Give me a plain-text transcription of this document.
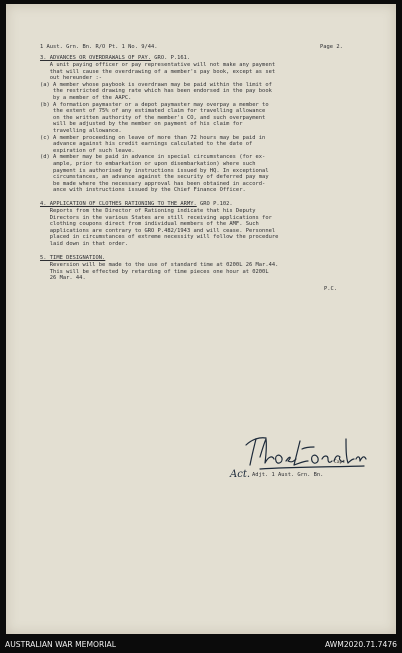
1 Aust. Grn. Bn. R/O Pt. 1 No. 9/44.	Page 2.
3. ADVANCES OR OVERDRAWALS OF PAY. GRO. P.161.
A unit paying officer or pay representative will not make any payment
that will cause the overdrawing of a member's pay book, except as set
out hereunder :-
(a) A member whose paybook is overdrawn may be paid within the limit of
the restricted drawing rate which has been endorsed in the pay book
by a member of the AAPC.
(b) A formation paymaster or a depot paymaster may overpay a member to
the extent of 75% of any estimated claim for travelling allowance
on the written authority of the member's CO, and such overpayment
will be adjusted by the member on payment of his claim for
travelling allowance.
(c) A member proceeding on leave of more than 72 hours may be paid in
advance against his credit earnings calculated to the date of
expiration of such leave.
(d) A member may be paid in advance in special circumstances (for ex-
ample, prior to embarkation or upon disembarkation) where such
payment is authorised by instructions issued by HQ. In exceptional
circumstances, an advance against the security of deferred pay may
be made where the necessary approval has been obtained in accord-
ance with instructions issued by the Chief Finance Officer.
4. APPLICATION OF CLOTHES RATIONING TO THE ARMY. GRO P.102.
Reports from the Director of Rationing indicate that his Deputy
Directors in the various States are still receiving applications for
clothing coupons direct from individual members of the AMF. Such
applications are contrary to GRO P.482/1943 and will cease. Personnel
placed in circumstances of extreme necessity will follow the procedure
laid down in that order.
5. TIME DESIGNATION.
Reversion will be made to the use of standard time at 0200L 26 Mar.44.
This will be effected by retarding of time pieces one hour at 0200L
26 Mar. 44.
P.C.
Capt
Act. Adjt. 1 Aust. Grn. Bn.
AUSTRALIAN WAR MEMORIAL	AWM2020.71.7476
